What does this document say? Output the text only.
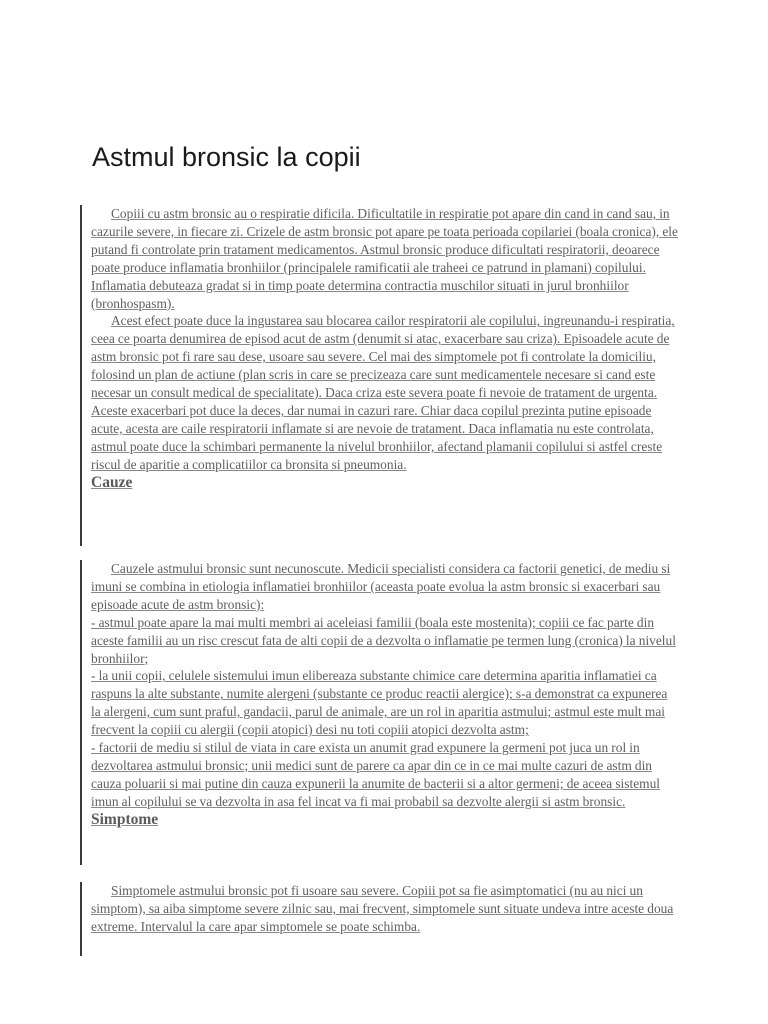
Astmul bronsic la copii

Copiii cu astm bronsic au o respiratie dificila. Dificultatile in respiratie pot apare din cand in cand sau, in cazurile severe, in fiecare zi. Crizele de astm bronsic pot apare pe toata perioada copilariei (boala cronica), ele putand fi controlate prin tratament medicamentos. Astmul bronsic produce dificultati respiratorii, deoarece poate produce inflamatia bronhiilor (principalele ramificatii ale traheei ce patrund in plamani) copilului. Inflamatia debuteaza gradat si in timp poate determina contractia muschilor situati in jurul bronhiilor (bronhospasm).
Acest efect poate duce la ingustarea sau blocarea cailor respiratorii ale copilului, ingreunandu-i respiratia, ceea ce poarta denumirea de episod acut de astm (denumit si atac, exacerbare sau criza). Episoadele acute de astm bronsic pot fi rare sau dese, usoare sau severe. Cel mai des simptomele pot fi controlate la domiciliu, folosind un plan de actiune (plan scris in care se precizeaza care sunt medicamentele necesare si cand este necesar un consult medical de specialitate). Daca criza este severa poate fi nevoie de tratament de urgenta. Aceste exacerbari pot duce la deces, dar numai in cazuri rare. Chiar daca copilul prezinta putine episoade acute, acesta are caile respiratorii inflamate si are nevoie de tratament. Daca inflamatia nu este controlata, astmul poate duce la schimbari permanente la nivelul bronhiilor, afectand plamanii copilului si astfel creste riscul de aparitie a complicatiilor ca bronsita si pneumonia.

Cauze

Cauzele astmului bronsic sunt necunoscute. Medicii specialisti considera ca factorii genetici, de mediu si imuni se combina in etiologia inflamatiei bronhiilor (aceasta poate evolua la astm bronsic si exacerbari sau episoade acute de astm bronsic):
- astmul poate apare la mai multi membri ai aceleiasi familii (boala este mostenita); copiii ce fac parte din aceste familii au un risc crescut fata de alti copii de a dezvolta o inflamatie pe termen lung (cronica) la nivelul bronhiilor;
- la unii copii, celulele sistemului imun elibereaza substante chimice care determina aparitia inflamatiei ca raspuns la alte substante, numite alergeni (substante ce produc reactii alergice); s-a demonstrat ca expunerea la alergeni, cum sunt praful, gandacii, parul de animale, are un rol in aparitia astmului; astmul este mult mai frecvent la copiii cu alergii (copii atopici) desi nu toti copiii atopici dezvolta astm;
- factorii de mediu si stilul de viata in care exista un anumit grad expunere la germeni pot juca un rol in dezvoltarea astmului bronsic; unii medici sunt de parere ca apar din ce in ce mai multe cazuri de astm din cauza poluarii si mai putine din cauza expunerii la anumite de bacterii si a altor germeni; de aceea sistemul imun al copilului se va dezvolta in asa fel incat va fi mai probabil sa dezvolte alergii si astm bronsic.

Simptome

Simptomele astmului bronsic pot fi usoare sau severe. Copiii pot sa fie asimptomatici (nu au nici un simptom), sa aiba simptome severe zilnic sau, mai frecvent, simptomele sunt situate undeva intre aceste doua extreme. Intervalul la care apar simptomele se poate schimba.
